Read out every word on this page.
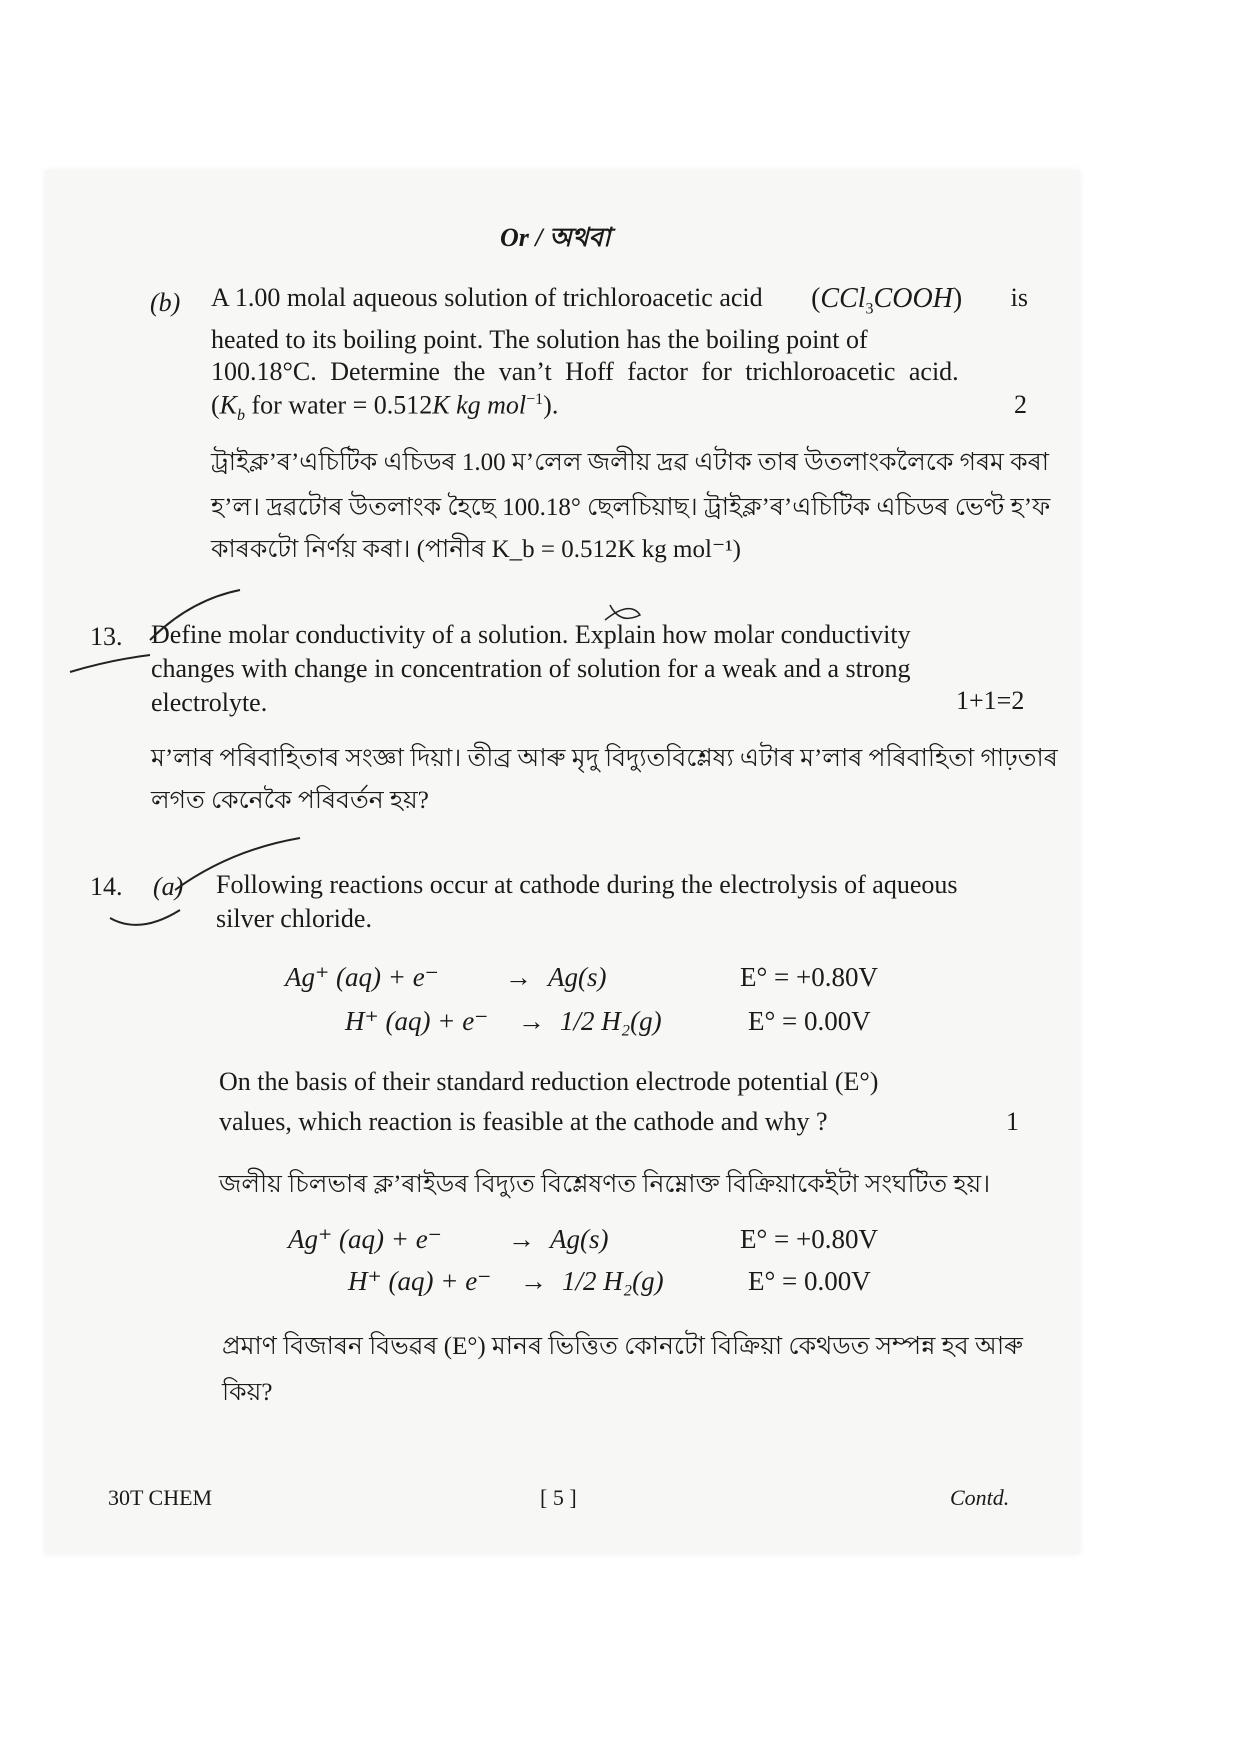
Or / অথবা
(b) A 1.00 molal aqueous solution of trichloroacetic acid (CCl$_3$COOH) is
heated to its boiling point. The solution has the boiling point of
100.18°C. Determine the van’t Hoff factor for trichloroacetic acid.
($K_b$ for water = 0.512K kg mol$^{-1}$).	2
ট্ৰাইক্ল’ৰ’এচিটিক এচিডৰ 1.00 ম’লেল জলীয় দ্ৰৱ এটাক তাৰ উতলাংকলৈকে গৰম কৰা
হ’ল। দ্ৰৱটোৰ উতলাংক হৈছে 100.18° ছেলচিয়াছ। ট্ৰাইক্ল’ৰ’এচিটিক এচিডৰ ভেণ্ট হ’ফ
কাৰকটো নিৰ্ণয় কৰা। (পানীৰ K_b = 0.512K kg mol⁻¹)
13. Define molar conductivity of a solution. Explain how molar conductivity
changes with change in concentration of solution for a weak and a strong
electrolyte.	1+1=2
ম’লাৰ পৰিবাহিতাৰ সংজ্ঞা দিয়া। তীব্ৰ আৰু মৃদু বিদ্যুতবিশ্লেষ্য এটাৰ ম’লাৰ পৰিবাহিতা গাঢ়তাৰ
লগত কেনেকৈ পৰিবৰ্তন হয়?
14. (a) Following reactions occur at cathode during the electrolysis of aqueous
silver chloride.
Ag⁺ (aq) + e⁻ → Ag(s)	E° = +0.80V
H⁺ (aq) + e⁻ → 1/2 H₂(g)	E° = 0.00V
On the basis of their standard reduction electrode potential (E°)
values, which reaction is feasible at the cathode and why ?	1
জলীয় চিলভাৰ ক্ল’ৰাইডৰ বিদ্যুত বিশ্লেষণত নিম্নোক্ত বিক্ৰিয়াকেইটা সংঘটিত হয়।
Ag⁺ (aq) + e⁻ → Ag(s)	E° = +0.80V
H⁺ (aq) + e⁻ → 1/2 H₂(g)	E° = 0.00V
প্ৰমাণ বিজাৰন বিভৱৰ (E°) মানৰ ভিত্তিত কোনটো বিক্ৰিয়া কেথডত সম্পন্ন হব আৰু
কিয়?
30T CHEM	[ 5 ]	Contd.
